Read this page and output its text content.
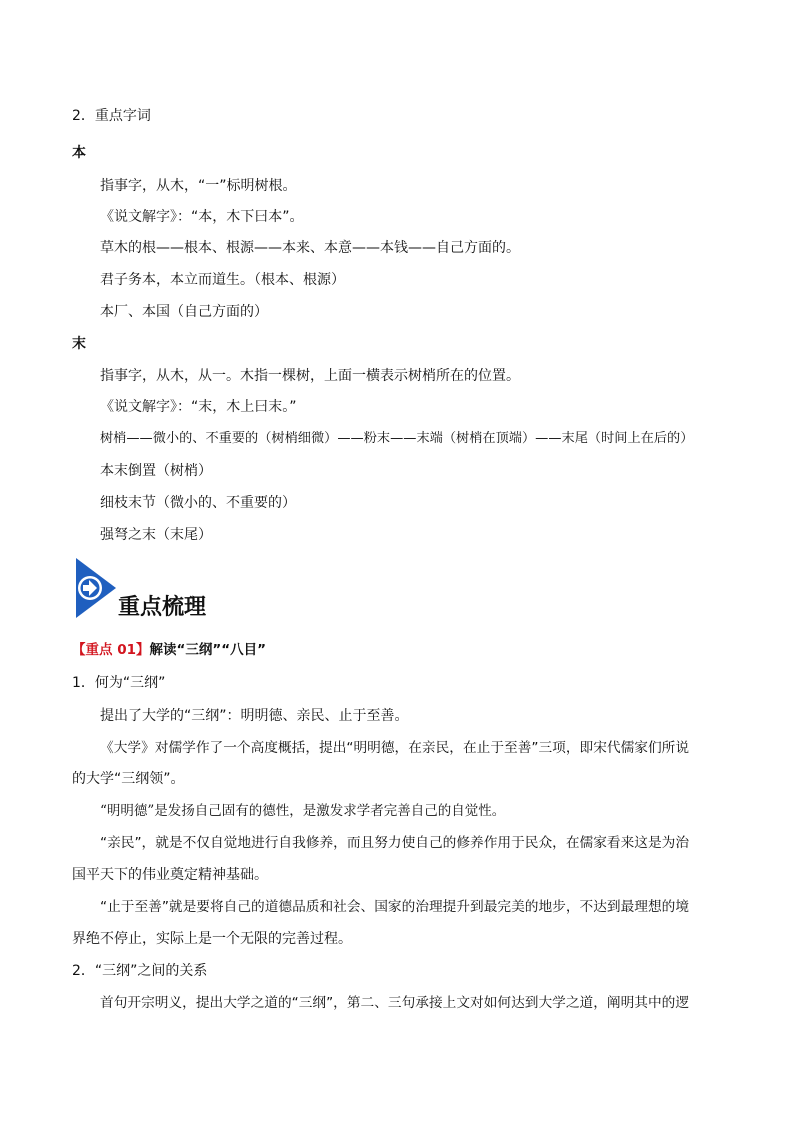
2．重点字词
本
指事字，从木，“一”标明树根。
《说文解字》：“本，木下曰本”。
草木的根——根本、根源——本来、本意——本钱——自己方面的。
君子务本，本立而道生。（根本、根源）
本厂、本国（自己方面的）
末
指事字，从木，从一。木指一棵树，上面一横表示树梢所在的位置。
《说文解字》：“末，木上曰末。”
树梢——微小的、不重要的（树梢细微）——粉末——末端（树梢在顶端）——末尾（时间上在后的）
本末倒置（树梢）
细枝末节（微小的、不重要的）
强弩之末（末尾）
重点梳理
【重点 01】解读“三纲”“八目”
1．何为“三纲”
提出了大学的“三纲”：明明德、亲民、止于至善。
《大学》对儒学作了一个高度概括，提出“明明德，在亲民，在止于至善”三项，即宋代儒家们所说
的大学“三纲领”。
“明明德”是发扬自己固有的德性，是激发求学者完善自己的自觉性。
“亲民”，就是不仅自觉地进行自我修养，而且努力使自己的修养作用于民众，在儒家看来这是为治
国平天下的伟业奠定精神基础。
“止于至善”就是要将自己的道德品质和社会、国家的治理提升到最完美的地步，不达到最理想的境
界绝不停止，实际上是一个无限的完善过程。
2．“三纲”之间的关系
首句开宗明义，提出大学之道的“三纲”，第二、三句承接上文对如何达到大学之道，阐明其中的逻
